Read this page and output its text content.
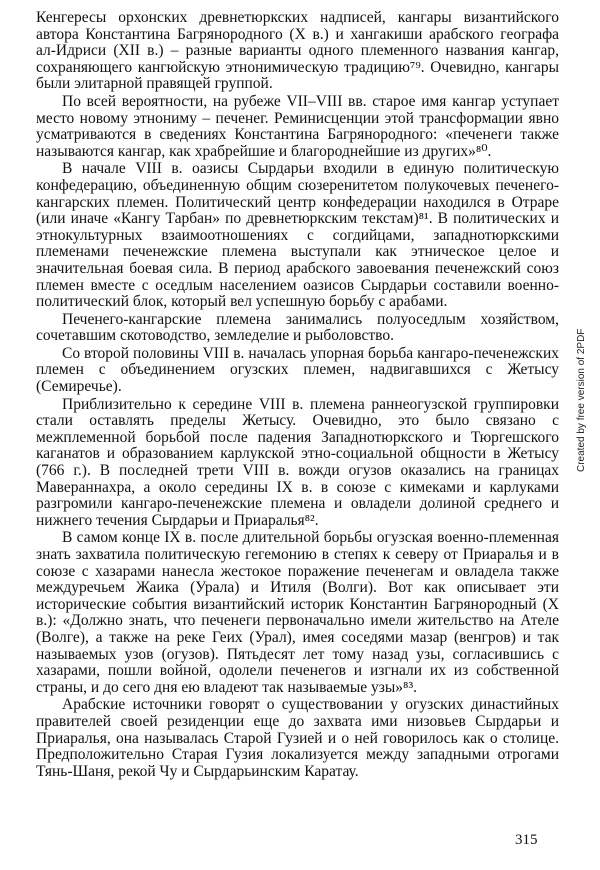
Кенгересы орхонских древнетюркских надписей, кангары византийского автора Константина Багрянородного (X в.) и хангакиши арабского географа ал-Идриси (XII в.) – разные варианты одного племенного названия кангар, сохраняющего кангюйскую этнонимическую традицию⁷⁹. Очевидно, кангары были элитарной правящей группой.

По всей вероятности, на рубеже VII–VIII вв. старое имя кангар уступает место новому этнониму – печенег. Реминисценции этой трансформации явно усматриваются в сведениях Константина Багрянородного: «печенеги также называются кангар, как храбрейшие и благороднейшие из других»⁸⁰.

В начале VIII в. оазисы Сырдарьи входили в единую политическую конфедерацию, объединенную общим сюзеренитетом полукочевых печенего-кангарских племен. Политический центр конфедерации находился в Отраре (или иначе «Кангу Тарбан» по древнетюркским текстам)⁸¹. В политических и этнокультурных взаимоотношениях с согдийцами, западнотюркскими племенами печенежские племена выступали как этническое целое и значительная боевая сила. В период арабского завоевания печенежский союз племен вместе с оседлым населением оазисов Сырдарьи составили военно-политический блок, который вел успешную борьбу с арабами.

Печенего-кангарские племена занимались полуоседлым хозяйством, сочетавшим скотоводство, земледелие и рыболовство.

Со второй половины VIII в. началась упорная борьба кангаро-печенежских племен с объединением огузских племен, надвигавшихся с Жетысу (Семиречье).

Приблизительно к середине VIII в. племена раннеогузской группировки стали оставлять пределы Жетысу. Очевидно, это было связано с межплеменной борьбой после падения Западнотюркского и Тюргешского каганатов и образованием карлукской этно-социальной общности в Жетысу (766 г.). В последней трети VIII в. вожди огузов оказались на границах Мавераннахра, а около середины IX в. в союзе с кимеками и карлуками разгромили кангаро-печенежские племена и овладели долиной среднего и нижнего течения Сырдарьи и Приаралья⁸².

В самом конце IX в. после длительной борьбы огузская военно-племенная знать захватила политическую гегемонию в степях к северу от Приаралья и в союзе с хазарами нанесла жестокое поражение печенегам и овладела также междуречьем Жаика (Урала) и Итиля (Волги). Вот как описывает эти исторические события византийский историк Константин Багрянородный (X в.): «Должно знать, что печенеги первоначально имели жительство на Ателе (Волге), а также на реке Геих (Урал), имея соседями мазар (венгров) и так называемых узов (огузов). Пятьдесят лет тому назад узы, согласившись с хазарами, пошли войной, одолели печенегов и изгнали их из собственной страны, и до сего дня ею владеют так называемые узы»⁸³.

Арабские источники говорят о существовании у огузских династийных правителей своей резиденции еще до захвата ими низовьев Сырдарьи и Приаралья, она называлась Старой Гузией и о ней говорилось как о столице. Предположительно Старая Гузия локализуется между западными отрогами Тянь-Шаня, рекой Чу и Сырдарьинским Каратау.

Created by free version of 2PDF
315
